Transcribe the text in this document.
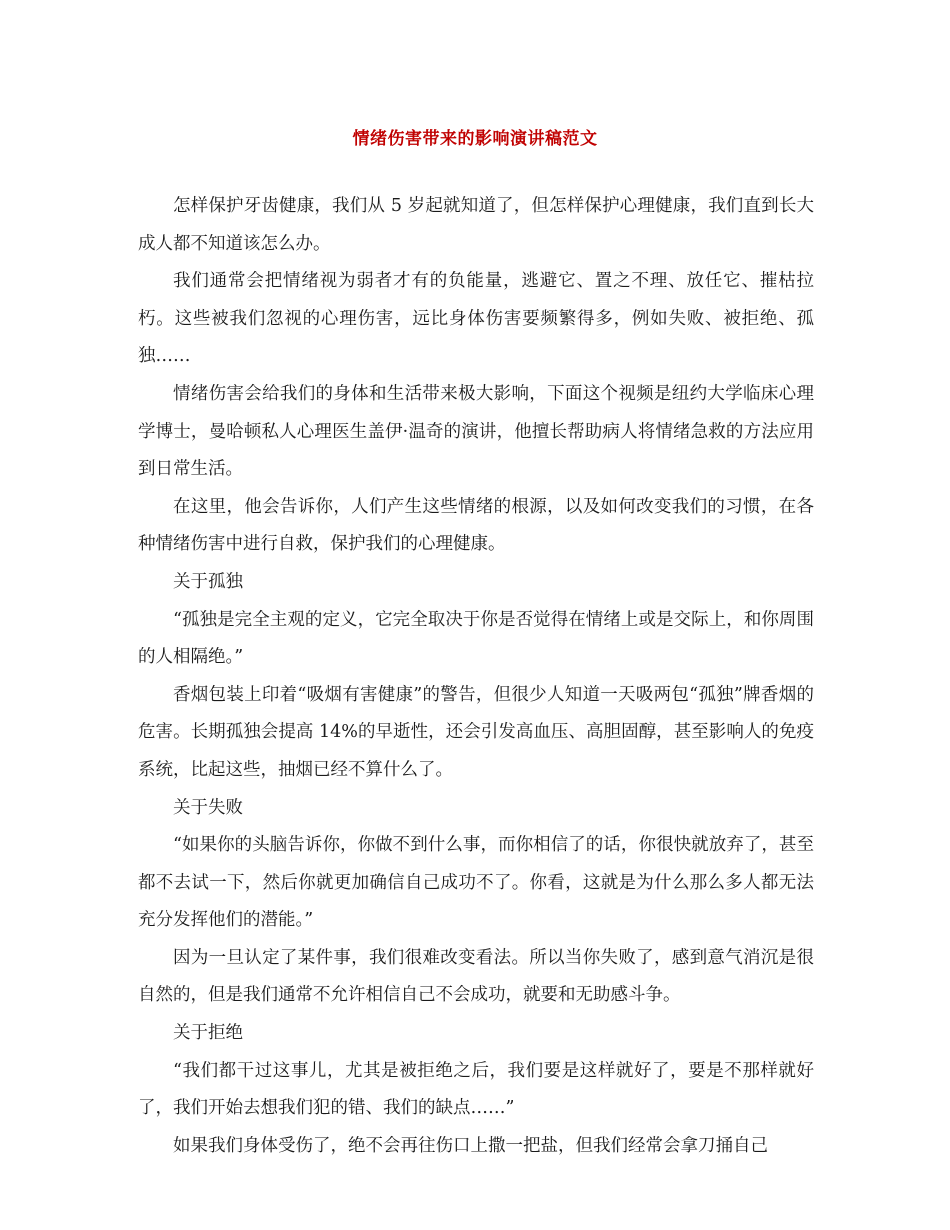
情绪伤害带来的影响演讲稿范文

怎样保护牙齿健康，我们从 5 岁起就知道了，但怎样保护心理健康，我们直到长大成人都不知道该怎么办。

我们通常会把情绪视为弱者才有的负能量，逃避它、置之不理、放任它、摧枯拉朽。这些被我们忽视的心理伤害，远比身体伤害要频繁得多，例如失败、被拒绝、孤独……

情绪伤害会给我们的身体和生活带来极大影响，下面这个视频是纽约大学临床心理学博士，曼哈顿私人心理医生盖伊·温奇的演讲，他擅长帮助病人将情绪急救的方法应用到日常生活。

在这里，他会告诉你，人们产生这些情绪的根源，以及如何改变我们的习惯，在各种情绪伤害中进行自救，保护我们的心理健康。

关于孤独

“孤独是完全主观的定义，它完全取决于你是否觉得在情绪上或是交际上，和你周围的人相隔绝。”

香烟包装上印着“吸烟有害健康”的警告，但很少人知道一天吸两包“孤独”牌香烟的危害。长期孤独会提高 14%的早逝性，还会引发高血压、高胆固醇，甚至影响人的免疫系统，比起这些，抽烟已经不算什么了。

关于失败

“如果你的头脑告诉你，你做不到什么事，而你相信了的话，你很快就放弃了，甚至都不去试一下，然后你就更加确信自己成功不了。你看，这就是为什么那么多人都无法充分发挥他们的潜能。”

因为一旦认定了某件事，我们很难改变看法。所以当你失败了，感到意气消沉是很自然的，但是我们通常不允许相信自己不会成功，就要和无助感斗争。

关于拒绝

“我们都干过这事儿，尤其是被拒绝之后，我们要是这样就好了，要是不那样就好了，我们开始去想我们犯的错、我们的缺点……”

如果我们身体受伤了，绝不会再往伤口上撒一把盐，但我们经常会拿刀捅自己
